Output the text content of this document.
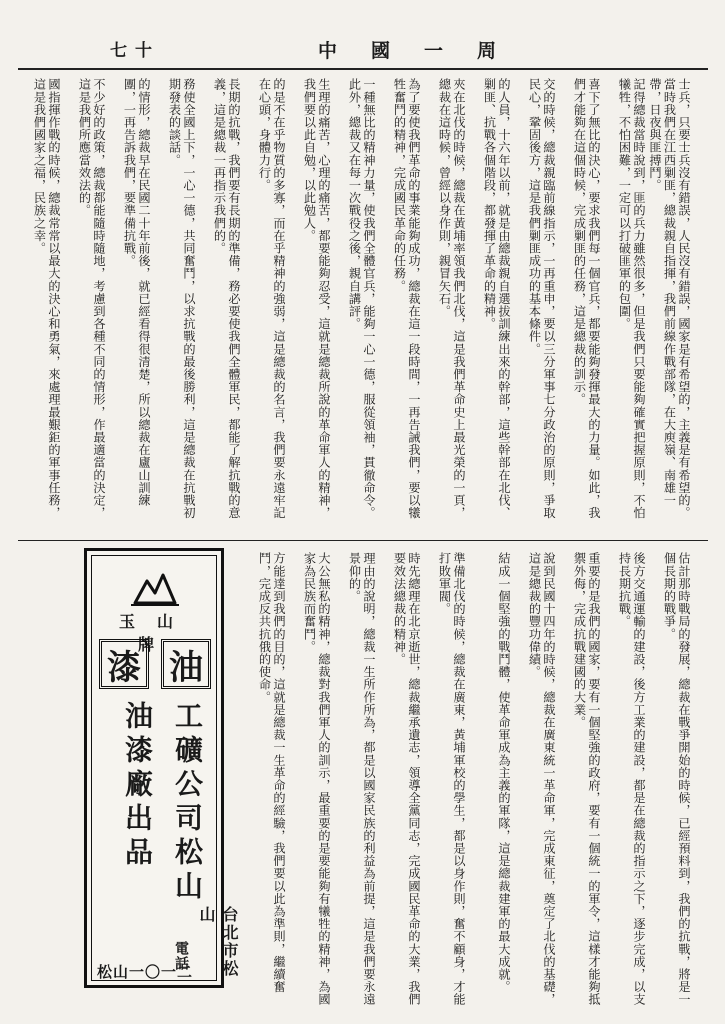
七十	中國一周
士兵，只要士兵沒有錯誤，人民沒有錯誤，國家是有希望的，主義是有希望的。當時我們在江西剿匪，總裁親自指揮，我們前線作戰部隊，在大庾嶺、南雄一帶，日夜與匪搏鬥。
記得總裁當時說到，匪的兵力雖然很多，但是我們只要能夠確實把握原則，不怕犧牲，不怕困難，一定可以打破匪軍的包圍。
喜下了無比的決心，要求我們每一個官兵，都要能夠發揮最大的力量。如此，我們才能夠在這個時候，完成剿匪的任務，這是總裁的訓示。
交的時候，總裁親臨前線指示，一再重申，要以三分軍事七分政治的原則，爭取民心，鞏固後方，這是我們剿匪成功的基本條件。
的人員，十六年以前，就是由總裁親自選拔訓練出來的幹部，這些幹部在北伐、剿匪、抗戰各個階段，都發揮了革命的精神。
夾在北伐的時候，總裁在黃埔率領我們北伐，這是我們革命史上最光榮的一頁，總裁在這時候，曾經以身作則，親冒矢石。
為了要使我們革命的事業能夠成功，總裁在這一段時間，一再告誡我們，要以犧牲奮鬥的精神，完成國民革命的任務。
一種無比的精神力量，使我們全體官兵，能夠一心一德，服從領袖，貫徹命令。此外，總裁又在每一次戰役之後，親自講評。
生理的痛苦，心理的痛苦，都要能夠忍受，這就是總裁所說的革命軍人的精神，我們要以此自勉，以此勉人。
的是不在乎物質的多寡，而在乎精神的強弱，這是總裁的名言，我們要永遠牢記在心頭，身體力行。
長期的抗戰，我們要有長期的準備，務必要使我們全體軍民，都能了解抗戰的意義，這是總裁一再指示我們的。
務使全國上下，一心一德，共同奮鬥，以求抗戰的最後勝利，這是總裁在抗戰初期發表的談話。
的情形，總裁早在民國二十年前後，就已經看得很清楚，所以總裁在廬山訓練團，一再告訴我們，要準備抗戰。
不少好的政策，總裁都能隨時隨地，考慮到各種不同的情形，作最適當的決定，這是我們所應當效法的。
國指揮作戰的時候，總裁常常以最大的決心和勇氣，來處理最艱鉅的軍事任務，這是我們國家之福，民族之幸。
估計那時戰局的發展，總裁在戰爭開始的時候，已經預料到，我們的抗戰，將是一個長期的戰爭。
後方交通運輸的建設，後方工業的建設，都是在總裁的指示之下，逐步完成，以支持長期抗戰。
重要的是我們的國家，要有一個堅強的政府，要有一個統一的軍令，這樣才能夠抵禦外侮，完成抗戰建國的大業。
說到民國十四年的時候，總裁在廣東統一革命軍，完成東征，奠定了北伐的基礎，這是總裁的豐功偉績。
結成一個堅強的戰鬥體，使革命軍成為主義的軍隊，這是總裁建軍的最大成就。
準備北伐的時候，總裁在廣東，黃埔軍校的學生，都是以身作則，奮不顧身，才能打敗軍閥。
時先總理在北京逝世，總裁繼承遺志，領導全黨同志，完成國民革命的大業，我們要效法總裁的精神。
理由的說明，總裁一生所作所為，都是以國家民族的利益為前提，這是我們要永遠景仰的。
大公無私的精神，總裁對我們軍人的訓示，最重要的是要能夠有犧牲的精神，為國家為民族而奮鬥。
方能達到我們的目的，這就是總裁一生革命的經驗，我們要以此為準則，繼續奮鬥，完成反共抗俄的使命。
玉山牌
漆 油
工礦公司松山
油漆廠出品
台北市松山
電話
松山一〇一二
